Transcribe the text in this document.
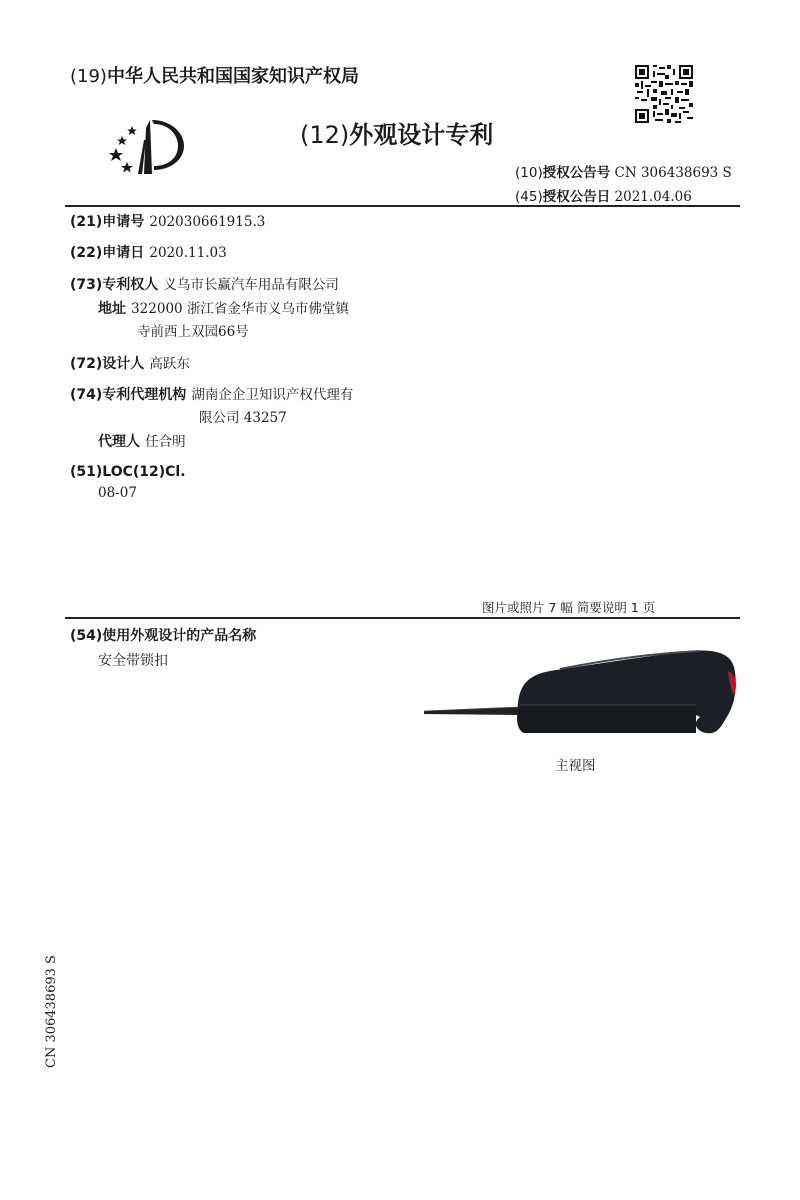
(19)中华人民共和国国家知识产权局
(12)外观设计专利
(10)授权公告号 CN 306438693 S
(45)授权公告日 2021.04.06
(21)申请号 202030661915.3
(22)申请日 2020.11.03
(73)专利权人 义乌市长赢汽车用品有限公司
地址 322000 浙江省金华市义乌市佛堂镇
寺前西上双园66号
(72)设计人 高跃东
(74)专利代理机构 湖南企企卫知识产权代理有
限公司 43257
代理人 任合明
(51)LOC(12)Cl.
08-07
图片或照片 7 幅 简要说明 1 页
(54)使用外观设计的产品名称
安全带锁扣
主视图
CN 306438693 S
